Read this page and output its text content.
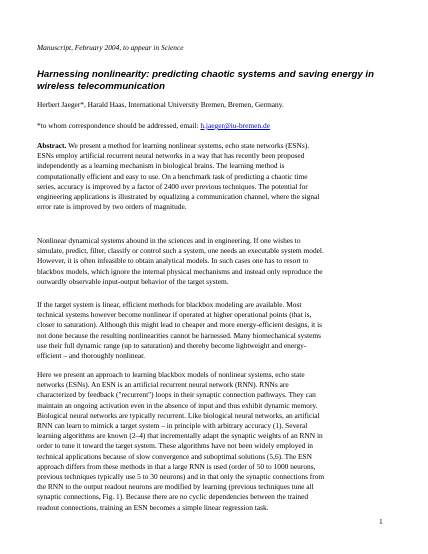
Manuscript, February 2004, to appear in Science

Harnessing nonlinearity: predicting chaotic systems and saving energy in
wireless telecommunication

Herbert Jaeger*, Harald Haas, International University Bremen, Bremen, Germany.

*to whom correspondence should be addressed, email: h.jaeger@iu-bremen.de

Abstract. We present a method for learning nonlinear systems, echo state networks (ESNs).
ESNs employ artificial recurrent neural networks in a way that has recently been proposed
independently as a learning mechanism in biological brains. The learning method is
computationally efficient and easy to use. On a benchmark task of predicting a chaotic time
series, accuracy is improved by a factor of 2400 over previous techniques. The potential for
engineering applications is illustrated by equalizing a communication channel, where the signal
error rate is improved by two orders of magnitude.

Nonlinear dynamical systems abound in the sciences and in engineering. If one wishes to
simulate, predict, filter, classify or control such a system, one needs an executable system model.
However, it is often infeasible to obtain analytical models. In such cases one has to resort to
blackbox models, which ignore the internal physical mechanisms and instead only reproduce the
outwardly observable input-output behavior of the target system.

If the target system is linear, efficient methods for blackbox modeling are available. Most
technical systems however become nonlinear if operated at higher operational points (that is,
closer to saturation). Although this might lead to cheaper and more energy-efficient designs, it is
not done because the resulting nonlinearities cannot be harnessed. Many biomechanical systems
use their full dynamic range (up to saturation) and thereby become lightweight and energy-
efficient – and thoroughly nonlinear.

Here we present an approach to learning blackbox models of nonlinear systems, echo state
networks (ESNs). An ESN is an artificial recurrent neural network (RNN). RNNs are
characterized by feedback ("recurrent") loops in their synaptic connection pathways. They can
maintain an ongoing activation even in the absence of input and thus exhibit dynamic memory.
Biological neural networks are typically recurrent. Like biological neural networks, an artificial
RNN can learn to mimick a target system – in principle with arbitrary accuracy (1). Several
learning algorithms are known (2–4) that incrementally adapt the synaptic weights of an RNN in
order to tune it toward the target system. These algorithms have not been widely employed in
technical applications because of slow convergence and suboptimal solutions (5,6). The ESN
approach differs from these methods in that a large RNN is used (order of 50 to 1000 neurons,
previous techniques typically use 5 to 30 neurons) and in that only the synaptic connections from
the RNN to the output readout neurons are modified by learning (previous techniques tune all
synaptic connections, Fig. 1). Because there are no cyclic dependencies between the trained
readout connections, training an ESN becomes a simple linear regression task.

1
